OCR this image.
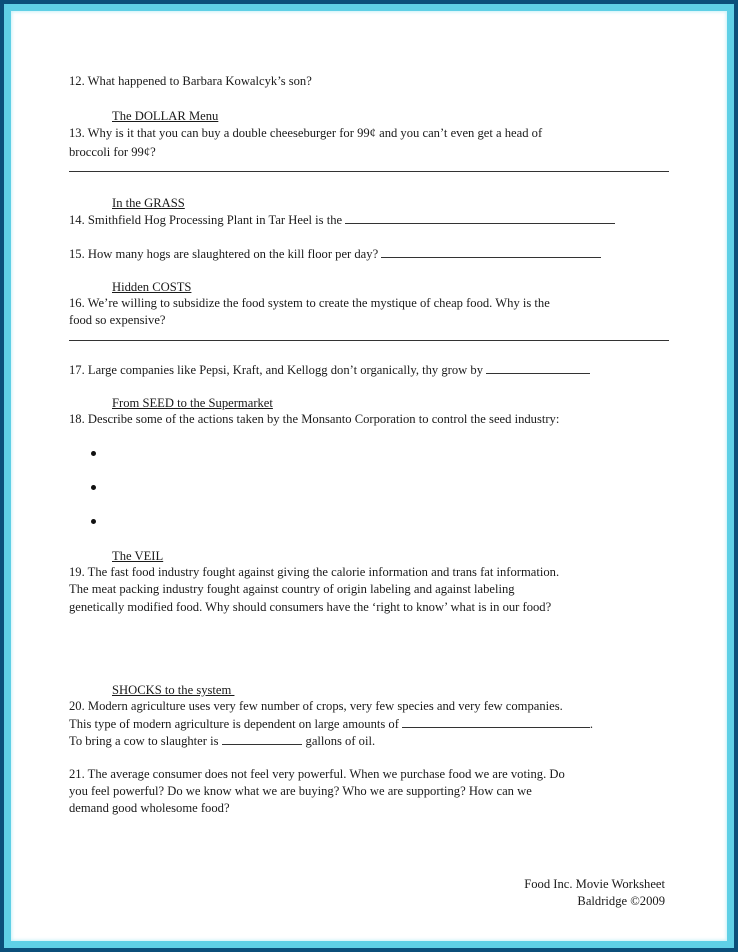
12. What happened to Barbara Kowalcyk’s son?
The DOLLAR Menu
13. Why is it that you can buy a double cheeseburger for 99¢ and you can’t even get a head of
broccoli for 99¢?
In the GRASS
14. Smithfield Hog Processing Plant in Tar Heel is the
15. How many hogs are slaughtered on the kill floor per day?
Hidden COSTS
16. We’re willing to subsidize the food system to create the mystique of cheap food. Why is the
food so expensive?
17. Large companies like Pepsi, Kraft, and Kellogg don’t organically, thy grow by
From SEED to the Supermarket
18. Describe some of the actions taken by the Monsanto Corporation to control the seed industry:
The VEIL
19. The fast food industry fought against giving the calorie information and trans fat information.
The meat packing industry fought against country of origin labeling and against labeling
genetically modified food. Why should consumers have the ‘right to know’ what is in our food?
SHOCKS to the system
20. Modern agriculture uses very few number of crops, very few species and very few companies.
This type of modern agriculture is dependent on large amounts of	.
To bring a cow to slaughter is	gallons of oil.
21. The average consumer does not feel very powerful. When we purchase food we are voting. Do
you feel powerful? Do we know what we are buying? Who we are supporting? How can we
demand good wholesome food?
Food Inc. Movie Worksheet
Baldridge ©2009
